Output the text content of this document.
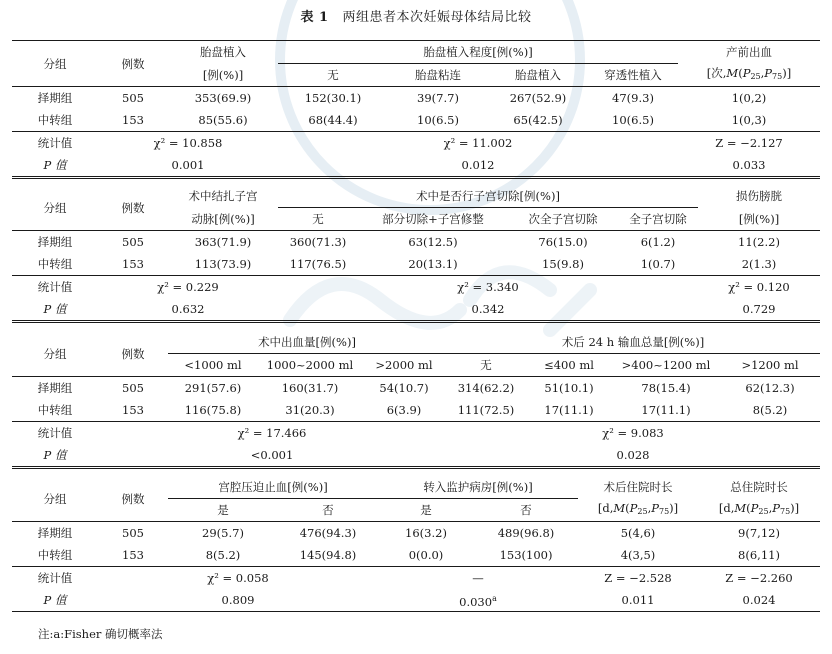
表 1 两组患者本次妊娠母体结局比较
分组	例数	胎盘植入	胎盘植入程度[例(%)]				产前出血
		[例(%)]	无	胎盘粘连	胎盘植入	穿透性植入	[次$,M(P_{25},P_{75})$]
择期组	505	353(69.9)	152(30.1)	39(7.7)	267(52.9)	47(9.3)	1(0,2)
中转组	153	85(55.6)	68(44.4)	10(6.5)	65(42.5)	10(6.5)	1(0,3)
统计值	χ² = 10.858		χ² = 11.002				Z = −2.127
P 值	0.001		0.012				0.033
分组	例数	术中结扎子宫	术中是否行子宫切除[例(%)]				损伤膀胱
		动脉[例(%)]	无	部分切除+子宫修整	次全子宫切除	全子宫切除	[例(%)]
择期组	505	363(71.9)	360(71.3)	63(12.5)	76(15.0)	6(1.2)	11(2.2)
中转组	153	113(73.9)	117(76.5)	20(13.1)	15(9.8)	1(0.7)	2(1.3)
统计值	χ² = 0.229		χ² = 3.340				χ² = 0.120
P 值	0.632		0.342				0.729
分组	例数	术中出血量[例(%)]			术后 24 h 输血总量[例(%)]			
		<1000 ml	1000~2000 ml	>2000 ml	无	≤400 ml	>400~1200 ml	>1200 ml
择期组	505	291(57.6)	160(31.7)	54(10.7)	314(62.2)	51(10.1)	78(15.4)	62(12.3)
中转组	153	116(75.8)	31(20.3)	6(3.9)	111(72.5)	17(11.1)	17(11.1)	8(5.2)
统计值	χ² = 17.466				χ² = 9.083			
P 值	<0.001				0.028			
分组	例数	宫腔压迫止血[例(%)]		转入监护病房[例(%)]		术后住院时长	总住院时长
		是	否	是	否	$[d,M(P_{25},P_{75})]$	$[d,M(P_{25},P_{75})]$
择期组	505	29(5.7)	476(94.3)	16(3.2)	489(96.8)	5(4,6)	9(7,12)
中转组	153	8(5.2)	145(94.8)	0(0.0)	153(100)	4(3,5)	8(6,11)
统计值	χ² = 0.058			—		Z = −2.528	Z = −2.260
P 值	0.809			0.030$^a$		0.011	0.024
注:a:Fisher 确切概率法
